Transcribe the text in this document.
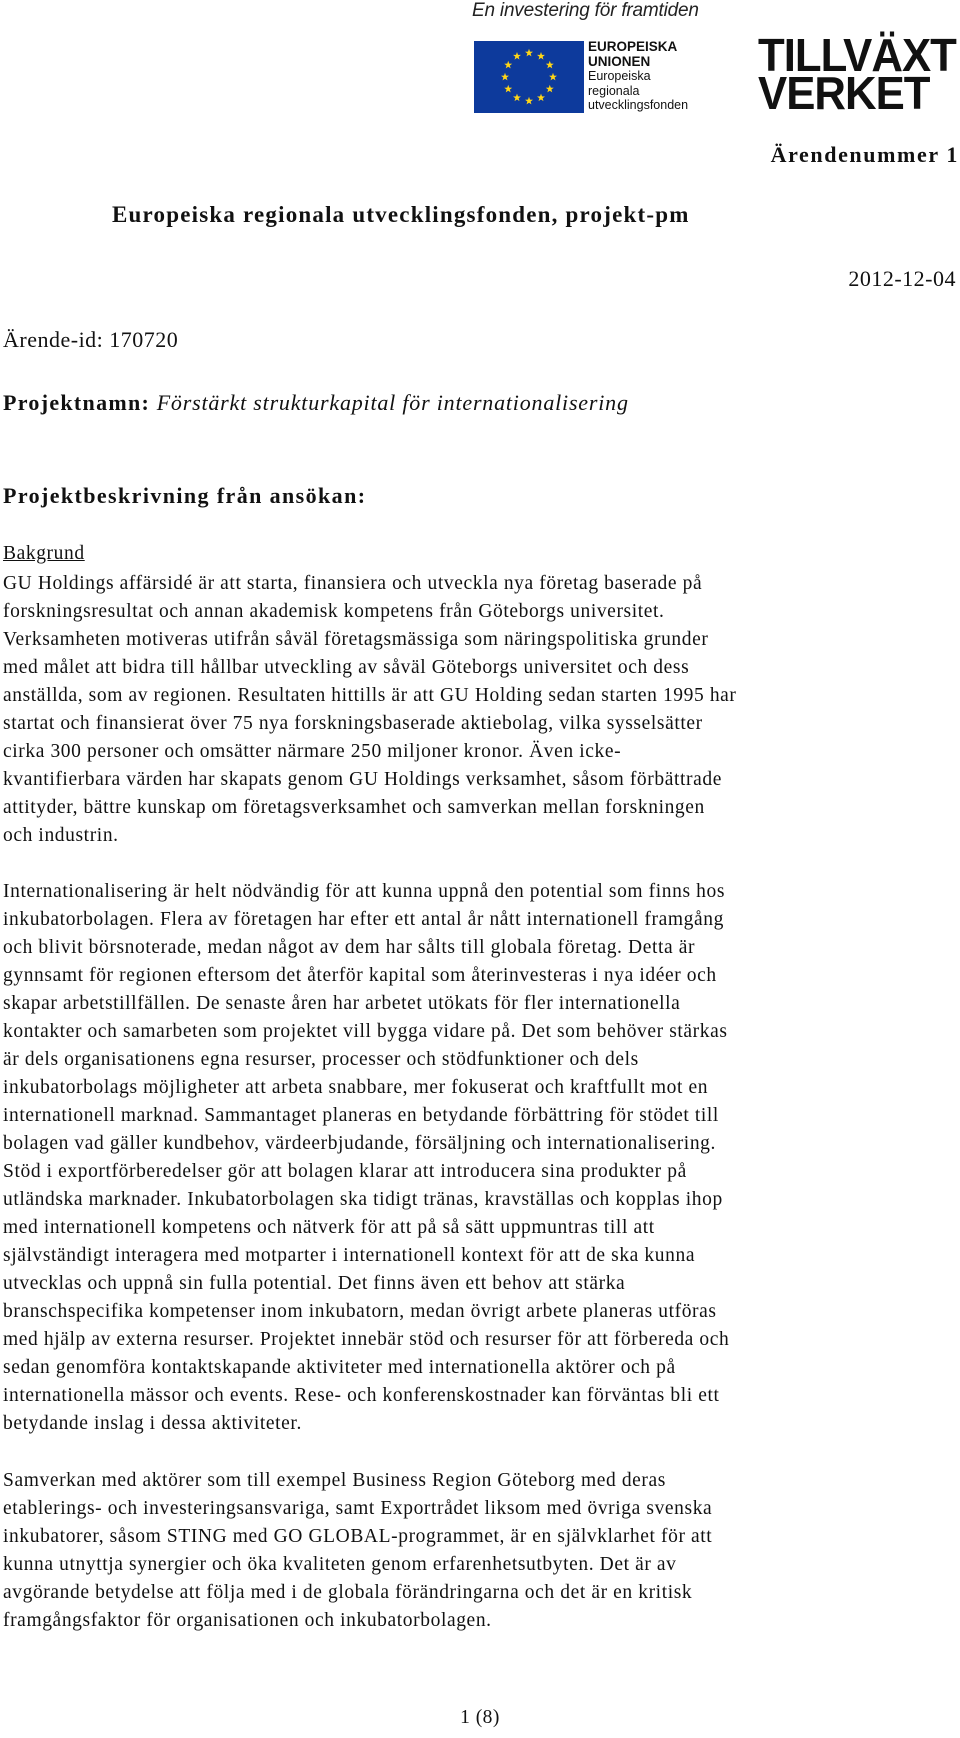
En investering för framtiden
EUROPEISKA
UNIONEN
Europeiska
regionala
utvecklingsfonden
TILLVÄXT
VERKET
Ärendenummer 1
Europeiska regionala utvecklingsfonden, projekt-pm
2012-12-04
Ärende-id: 170720
Projektnamn: Förstärkt strukturkapital för internationalisering
Projektbeskrivning från ansökan:
Bakgrund
GU Holdings affärsidé är att starta, finansiera och utveckla nya företag baserade på
forskningsresultat och annan akademisk kompetens från Göteborgs universitet.
Verksamheten motiveras utifrån såväl företagsmässiga som näringspolitiska grunder
med målet att bidra till hållbar utveckling av såväl Göteborgs universitet och dess
anställda, som av regionen. Resultaten hittills är att GU Holding sedan starten 1995 har
startat och finansierat över 75 nya forskningsbaserade aktiebolag, vilka sysselsätter
cirka 300 personer och omsätter närmare 250 miljoner kronor. Även icke-
kvantifierbara värden har skapats genom GU Holdings verksamhet, såsom förbättrade
attityder, bättre kunskap om företagsverksamhet och samverkan mellan forskningen
och industrin.
Internationalisering är helt nödvändig för att kunna uppnå den potential som finns hos
inkubatorbolagen. Flera av företagen har efter ett antal år nått internationell framgång
och blivit börsnoterade, medan något av dem har sålts till globala företag. Detta är
gynnsamt för regionen eftersom det återför kapital som återinvesteras i nya idéer och
skapar arbetstillfällen. De senaste åren har arbetet utökats för fler internationella
kontakter och samarbeten som projektet vill bygga vidare på. Det som behöver stärkas
är dels organisationens egna resurser, processer och stödfunktioner och dels
inkubatorbolags möjligheter att arbeta snabbare, mer fokuserat och kraftfullt mot en
internationell marknad. Sammantaget planeras en betydande förbättring för stödet till
bolagen vad gäller kundbehov, värdeerbjudande, försäljning och internationalisering.
Stöd i exportförberedelser gör att bolagen klarar att introducera sina produkter på
utländska marknader. Inkubatorbolagen ska tidigt tränas, kravställas och kopplas ihop
med internationell kompetens och nätverk för att på så sätt uppmuntras till att
självständigt interagera med motparter i internationell kontext för att de ska kunna
utvecklas och uppnå sin fulla potential. Det finns även ett behov att stärka
branschspecifika kompetenser inom inkubatorn, medan övrigt arbete planeras utföras
med hjälp av externa resurser. Projektet innebär stöd och resurser för att förbereda och
sedan genomföra kontaktskapande aktiviteter med internationella aktörer och på
internationella mässor och events. Rese- och konferenskostnader kan förväntas bli ett
betydande inslag i dessa aktiviteter.
Samverkan med aktörer som till exempel Business Region Göteborg med deras
etablerings- och investeringsansvariga, samt Exportrådet liksom med övriga svenska
inkubatorer, såsom STING med GO GLOBAL-programmet, är en självklarhet för att
kunna utnyttja synergier och öka kvaliteten genom erfarenhetsutbyten. Det är av
avgörande betydelse att följa med i de globala förändringarna och det är en kritisk
framgångsfaktor för organisationen och inkubatorbolagen.
1 (8)
